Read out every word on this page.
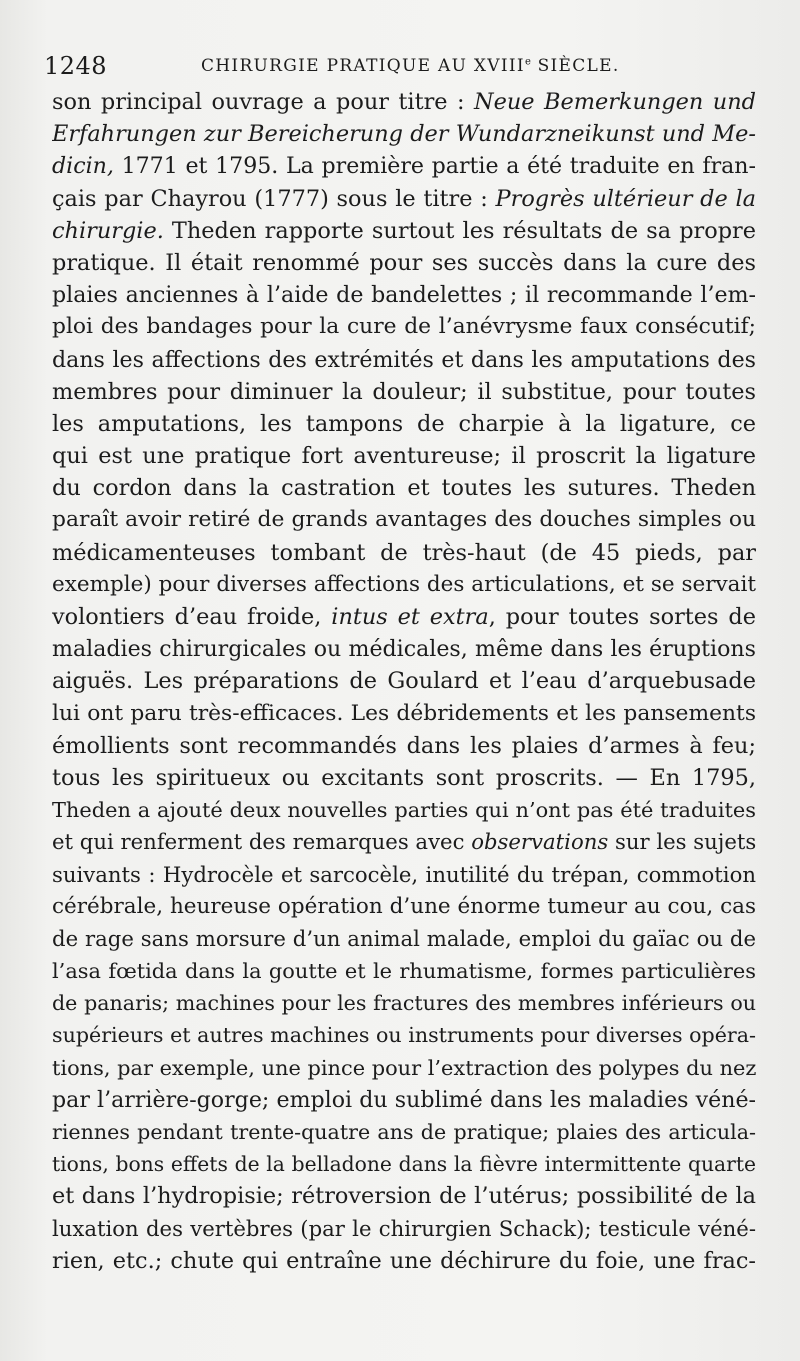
1248	CHIRURGIE PRATIQUE AU XVIIIe SIÈCLE.
son principal ouvrage a pour titre : Neue Bemerkungen und
Erfahrungen zur Bereicherung der Wundarzneikunst und Me-
dicin, 1771 et 1795. La première partie a été traduite en fran-
çais par Chayrou (1777) sous le titre : Progrès ultérieur de la
chirurgie. Theden rapporte surtout les résultats de sa propre
pratique. Il était renommé pour ses succès dans la cure des
plaies anciennes à l’aide de bandelettes ; il recommande l’em-
ploi des bandages pour la cure de l’anévrysme faux consécutif;
dans les affections des extrémités et dans les amputations des
membres pour diminuer la douleur; il substitue, pour toutes
les amputations, les tampons de charpie à la ligature, ce
qui est une pratique fort aventureuse; il proscrit la ligature
du cordon dans la castration et toutes les sutures. Theden
paraît avoir retiré de grands avantages des douches simples ou
médicamenteuses tombant de très-haut (de 45 pieds, par
exemple) pour diverses affections des articulations, et se servait
volontiers d’eau froide, intus et extra, pour toutes sortes de
maladies chirurgicales ou médicales, même dans les éruptions
aiguës. Les préparations de Goulard et l’eau d’arquebusade
lui ont paru très-efficaces. Les débridements et les pansements
émollients sont recommandés dans les plaies d’armes à feu;
tous les spiritueux ou excitants sont proscrits. — En 1795,
Theden a ajouté deux nouvelles parties qui n’ont pas été traduites
et qui renferment des remarques avec observations sur les sujets
suivants : Hydrocèle et sarcocèle, inutilité du trépan, commotion
cérébrale, heureuse opération d’une énorme tumeur au cou, cas
de rage sans morsure d’un animal malade, emploi du gaïac ou de
l’asa fœtida dans la goutte et le rhumatisme, formes particulières
de panaris; machines pour les fractures des membres inférieurs ou
supérieurs et autres machines ou instruments pour diverses opéra-
tions, par exemple, une pince pour l’extraction des polypes du nez
par l’arrière-gorge; emploi du sublimé dans les maladies véné-
riennes pendant trente-quatre ans de pratique; plaies des articula-
tions, bons effets de la belladone dans la fièvre intermittente quarte
et dans l’hydropisie; rétroversion de l’utérus; possibilité de la
luxation des vertèbres (par le chirurgien Schack); testicule véné-
rien, etc.; chute qui entraîne une déchirure du foie, une frac-
